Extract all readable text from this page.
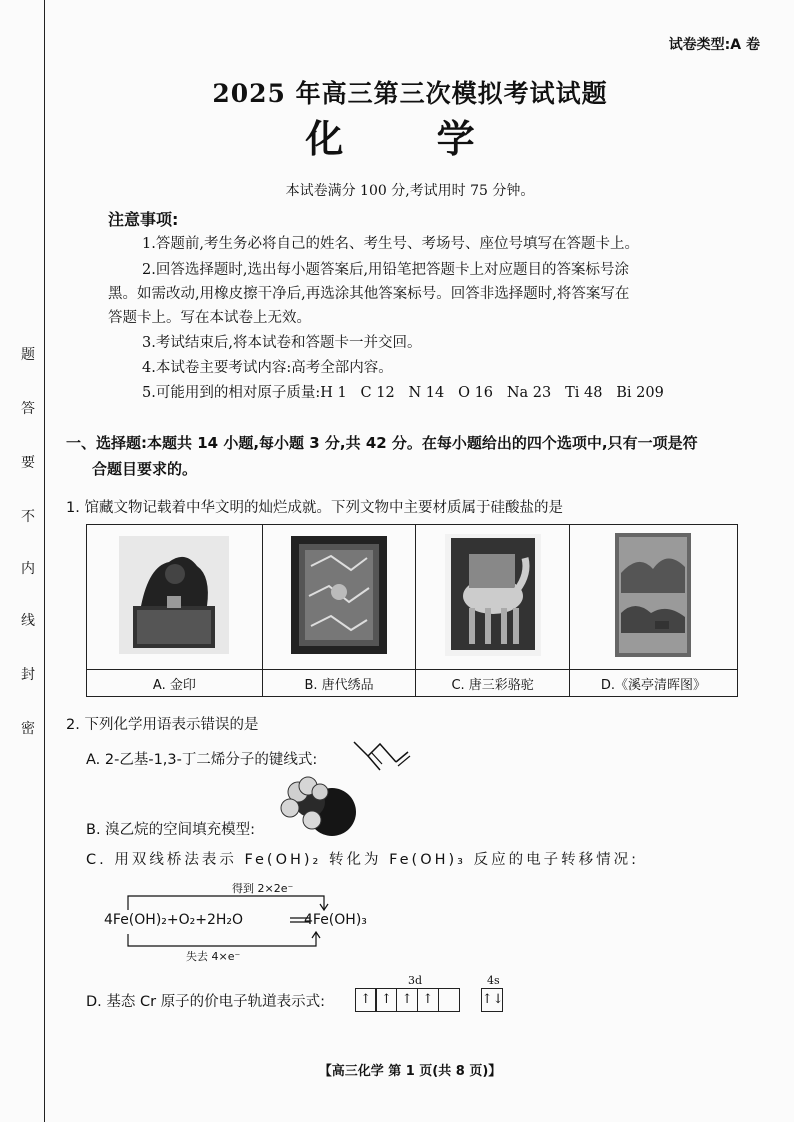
题
答
要
不
内
线
封
密
试卷类型:A 卷
2025 年高三第三次模拟考试试题
化 学
本试卷满分 100 分,考试用时 75 分钟。
注意事项:
1.答题前,考生务必将自己的姓名、考生号、考场号、座位号填写在答题卡上。
2.回答选择题时,选出每小题答案后,用铅笔把答题卡上对应题目的答案标号涂
黑。如需改动,用橡皮擦干净后,再选涂其他答案标号。回答非选择题时,将答案写在
答题卡上。写在本试卷上无效。
3.考试结束后,将本试卷和答题卡一并交回。
4.本试卷主要考试内容:高考全部内容。
5.可能用到的相对原子质量:H 1   C 12   N 14   O 16   Na 23   Ti 48   Bi 209
一、选择题:本题共 14 小题,每小题 3 分,共 42 分。在每小题给出的四个选项中,只有一项是符
合题目要求的。
1. 馆藏文物记载着中华文明的灿烂成就。下列文物中主要材质属于硅酸盐的是

A. 金印	B. 唐代绣品	C. 唐三彩骆驼	D.《溪亭清晖图》
2. 下列化学用语表示错误的是
A. 2-乙基-1,3-丁二烯分子的键线式:
B. 溴乙烷的空间填充模型:
C. 用双线桥法表示 Fe(OH)₂ 转化为 Fe(OH)₃ 反应的电子转移情况:
得到 2×2e⁻
4Fe(OH)₂+O₂+2H₂O	4Fe(OH)₃
失去 4×e⁻
D. 基态 Cr 原子的价电子轨道表示式:
3d	4s
↑ ↑ ↑ ↑	↑↓
【高三化学 第 1 页(共 8 页)】
